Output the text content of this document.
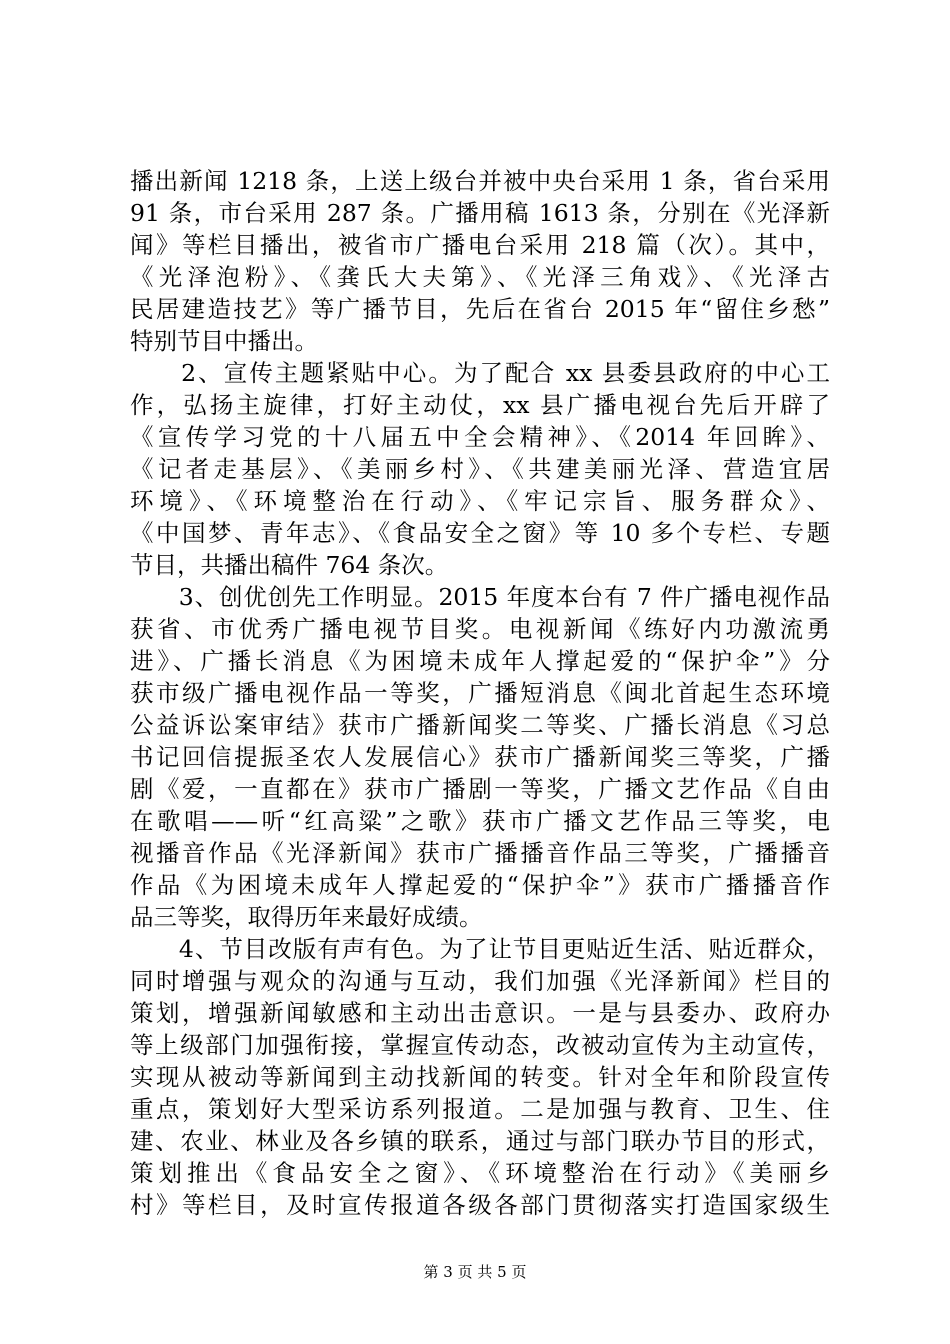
播出新闻 1218 条，上送上级台并被中央台采用 1 条，省台采用
91 条，市台采用 287 条。广播用稿 1613 条，分别在《光泽新
闻》等栏目播出，被省市广播电台采用 218 篇（次）。其中，
《光泽泡粉》、《龚氏大夫第》、《光泽三角戏》、《光泽古
民居建造技艺》等广播节目，先后在省台 2015 年“留住乡愁”
特别节目中播出。
　　2、宣传主题紧贴中心。为了配合 xx 县委县政府的中心工
作，弘扬主旋律，打好主动仗，xx 县广播电视台先后开辟了
《宣传学习党的十八届五中全会精神》、《2014 年回眸》、
《记者走基层》、《美丽乡村》、《共建美丽光泽、营造宜居
环境》、《环境整治在行动》、《牢记宗旨、服务群众》、
《中国梦、青年志》、《食品安全之窗》等 10 多个专栏、专题
节目，共播出稿件 764 条次。
　　3、创优创先工作明显。2015 年度本台有 7 件广播电视作品
获省、市优秀广播电视节目奖。电视新闻《练好内功激流勇
进》、广播长消息《为困境未成年人撑起爱的“保护伞”》分
获市级广播电视作品一等奖，广播短消息《闽北首起生态环境
公益诉讼案审结》获市广播新闻奖二等奖、广播长消息《习总
书记回信提振圣农人发展信心》获市广播新闻奖三等奖，广播
剧《爱，一直都在》获市广播剧一等奖，广播文艺作品《自由
在歌唱——听“红高粱”之歌》获市广播文艺作品三等奖，电
视播音作品《光泽新闻》获市广播播音作品三等奖，广播播音
作品《为困境未成年人撑起爱的“保护伞”》获市广播播音作
品三等奖，取得历年来最好成绩。
　　4、节目改版有声有色。为了让节目更贴近生活、贴近群众，
同时增强与观众的沟通与互动，我们加强《光泽新闻》栏目的
策划，增强新闻敏感和主动出击意识。一是与县委办、政府办
等上级部门加强衔接，掌握宣传动态，改被动宣传为主动宣传，
实现从被动等新闻到主动找新闻的转变。针对全年和阶段宣传
重点，策划好大型采访系列报道。二是加强与教育、卫生、住
建、农业、林业及各乡镇的联系，通过与部门联办节目的形式，
策划推出《食品安全之窗》、《环境整治在行动》《美丽乡
村》等栏目，及时宣传报道各级各部门贯彻落实打造国家级生
第 3 页 共 5 页
